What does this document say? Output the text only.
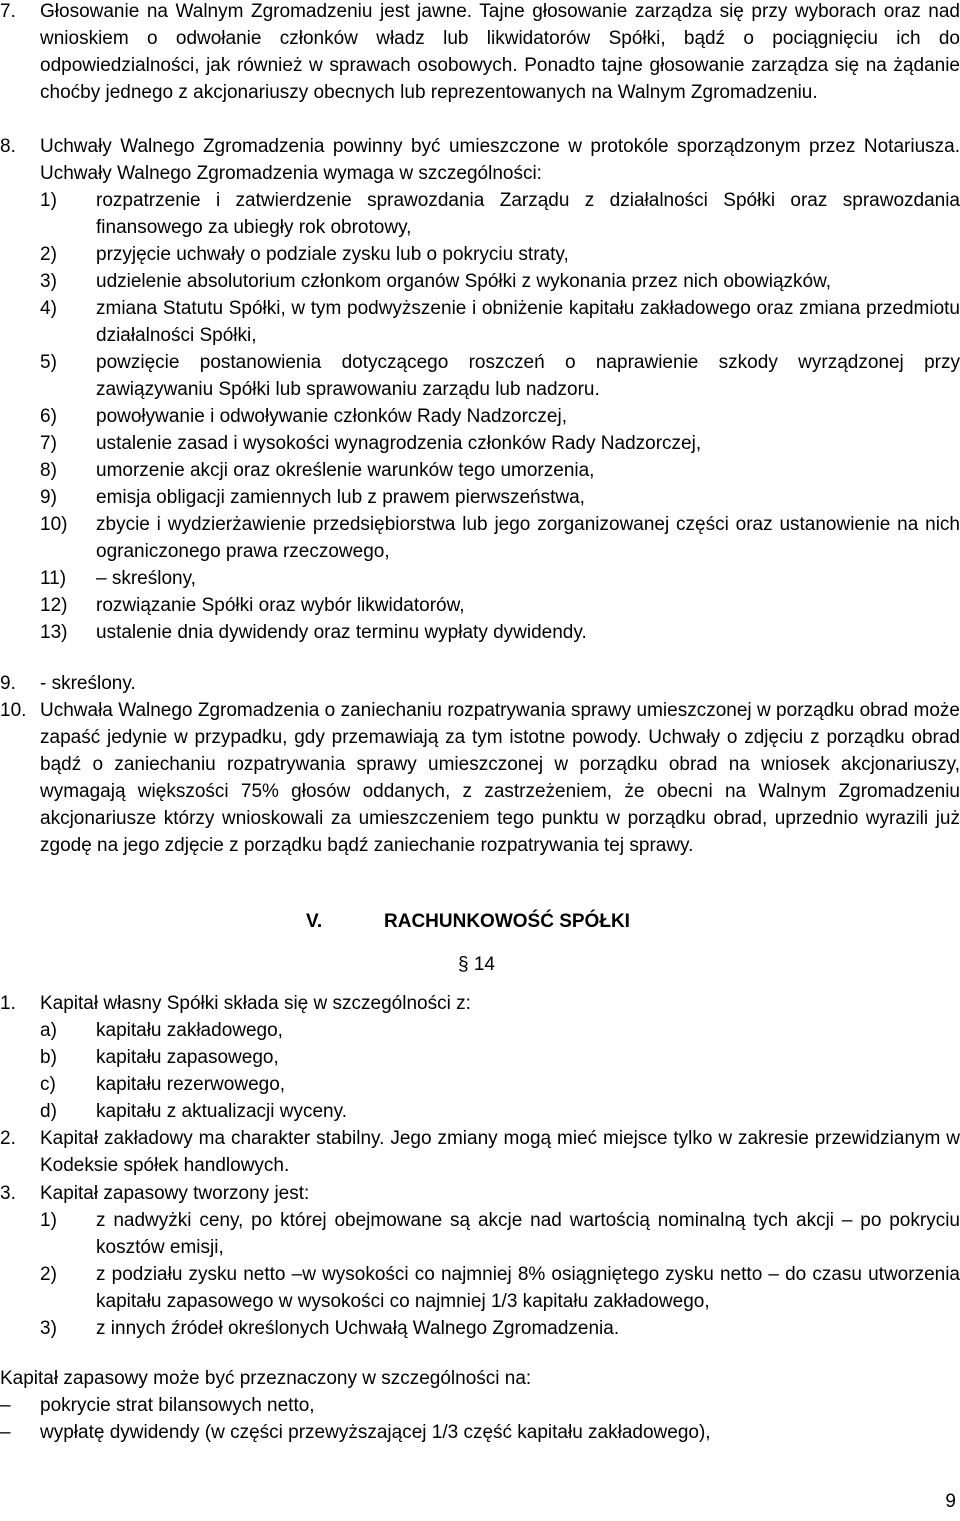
7. Głosowanie na Walnym Zgromadzeniu jest jawne. Tajne głosowanie zarządza się przy wyborach oraz nad wnioskiem o odwołanie członków władz lub likwidatorów Spółki, bądź o pociągnięciu ich do odpowiedzialności, jak również w sprawach osobowych. Ponadto tajne głosowanie zarządza się na żądanie choćby jednego z akcjonariuszy obecnych lub reprezentowanych na Walnym Zgromadzeniu.
8. Uchwały Walnego Zgromadzenia powinny być umieszczone w protokóle sporządzonym przez Notariusza. Uchwały Walnego Zgromadzenia wymaga w szczególności:
1) rozpatrzenie i zatwierdzenie sprawozdania Zarządu z działalności Spółki oraz sprawozdania finansowego za ubiegły rok obrotowy,
2) przyjęcie uchwały o podziale zysku lub o pokryciu straty,
3) udzielenie absolutorium członkom organów Spółki z wykonania przez nich obowiązków,
4) zmiana Statutu Spółki, w tym podwyższenie i obniżenie kapitału zakładowego oraz zmiana przedmiotu działalności Spółki,
5) powzięcie postanowienia dotyczącego roszczeń o naprawienie szkody wyrządzonej przy zawiązywaniu Spółki lub sprawowaniu zarządu lub nadzoru.
6) powoływanie i odwoływanie członków Rady Nadzorczej,
7) ustalenie zasad i wysokości wynagrodzenia członków Rady Nadzorczej,
8) umorzenie akcji oraz określenie warunków tego umorzenia,
9) emisja obligacji zamiennych lub z prawem pierwszeństwa,
10) zbycie i wydzierżawienie przedsiębiorstwa lub jego zorganizowanej części oraz ustanowienie na nich ograniczonego prawa rzeczowego,
11) – skreślony,
12) rozwiązanie Spółki oraz wybór likwidatorów,
13) ustalenie dnia dywidendy oraz terminu wypłaty dywidendy.
9. - skreślony.
10. Uchwała Walnego Zgromadzenia o zaniechaniu rozpatrywania sprawy umieszczonej w porządku obrad może zapaść jedynie w przypadku, gdy przemawiają za tym istotne powody. Uchwały o zdjęciu z porządku obrad bądź o zaniechaniu rozpatrywania sprawy umieszczonej w porządku obrad na wniosek akcjonariuszy, wymagają większości 75% głosów oddanych, z zastrzeżeniem, że obecni na Walnym Zgromadzeniu akcjonariusze którzy wnioskowali za umieszczeniem tego punktu w porządku obrad, uprzednio wyrazili już zgodę na jego zdjęcie z porządku bądź zaniechanie rozpatrywania tej sprawy.
V.	RACHUNKOWOŚĆ SPÓŁKI
§ 14
1. Kapitał własny Spółki składa się w szczególności z:
a) kapitału zakładowego,
b) kapitału zapasowego,
c) kapitału rezerwowego,
d) kapitału z aktualizacji wyceny.
2. Kapitał zakładowy ma charakter stabilny. Jego zmiany mogą mieć miejsce tylko w zakresie przewidzianym w Kodeksie spółek handlowych.
3. Kapitał zapasowy tworzony jest:
1) z nadwyżki ceny, po której obejmowane są akcje nad wartością nominalną tych akcji – po pokryciu kosztów emisji,
2) z podziału zysku netto –w wysokości co najmniej 8% osiągniętego zysku netto – do czasu utworzenia kapitału zapasowego w wysokości co najmniej 1/3 kapitału zakładowego,
3) z innych źródeł określonych Uchwałą Walnego Zgromadzenia.
Kapitał zapasowy może być przeznaczony w szczególności na:
– pokrycie strat bilansowych netto,
– wypłatę dywidendy (w części przewyższającej 1/3 część kapitału zakładowego),
9
